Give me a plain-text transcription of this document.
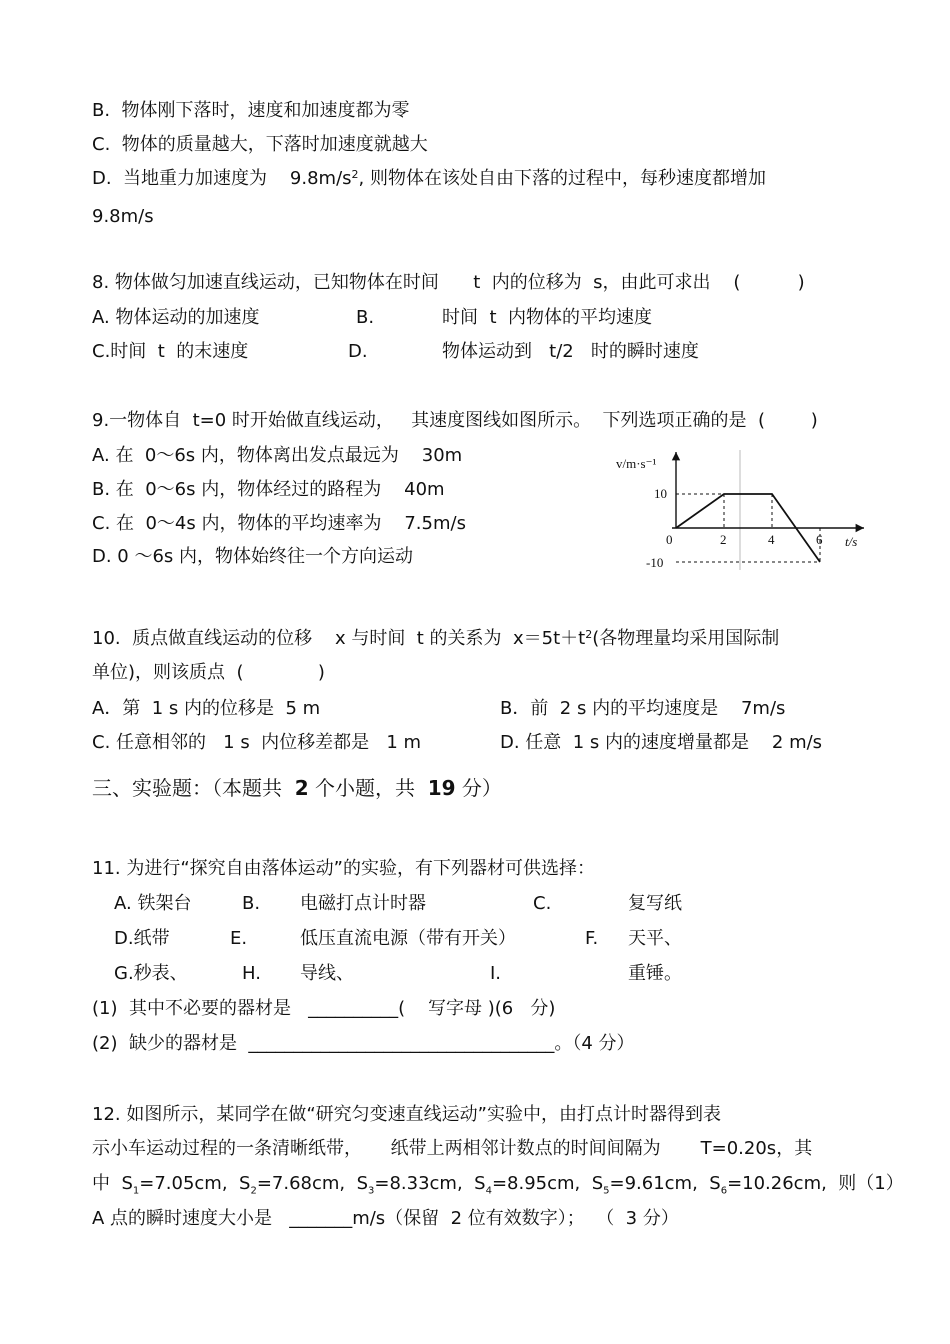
B.  物体刚下落时，速度和加速度都为零
C.  物体的质量越大，下落时加速度就越大
D.  当地重力加速度为    $9.8m/s^2$, 则物体在该处自由下落的过程中，每秒速度都增加
9.8m/s
8. 物体做匀加速直线运动，已知物体在时间      t  内的位移为  s，由此可求出    (          )
A. 物体运动的加速度	B.	时间  t  内物体的平均速度
C.时间  t  的末速度	D.	物体运动到   t/2   时的瞬时速度
9.一物体自  t=0 时开始做直线运动，   其速度图线如图所示。  下列选项正确的是  (        )
A. 在  0～6s 内，物体离出发点最远为    30m
B. 在  0～6s 内，物体经过的路程为    40m
C. 在  0～4s 内，物体的平均速率为    7.5m/s
D. 0 ～6s 内，物体始终往一个方向运动
0	2	4	6
10
-10
v/m·s⁻¹
t/s
10.  质点做直线运动的位移    x 与时间  t 的关系为  $x=5t+t^2$(各物理量均采用国际制
单位)，则该质点  (             )
A．第  1 s 内的位移是  5 m	B．前  2 s 内的平均速度是    7m/s
C. 任意相邻的   1 s  内位移差都是   1 m	D. 任意  1 s 内的速度增量都是    2 m/s
三、实验题：（本题共  2 个小题，共  19 分）
11. 为进行“探究自由落体运动”的实验，有下列器材可供选择：
A. 铁架台	B. 电磁打点计时器	C.	复写纸
D.纸带	E.	低压直流电源（带有开关）	F. 天平、
G.秒表、	H. 导线、	I.	重锤。
(1)  其中不必要的器材是   __________(    写字母 )(6   分)
(2)  缺少的器材是  __________________________________。（4 分）
12. 如图所示，某同学在做“研究匀变速直线运动”实验中，由打点计时器得到表
示小车运动过程的一条清晰纸带，     纸带上两相邻计数点的时间间隔为       T=0.20s，其
中  $S_1=7.05cm$,  $S_2=7.68cm$,  $S_3=8.33cm$,  $S_4=8.95cm$,  $S_5=9.61cm$,  $S_6=10.26cm$,  则（1）
A 点的瞬时速度大小是   _______m/s（保留  2 位有效数字）；  （  3 分）
